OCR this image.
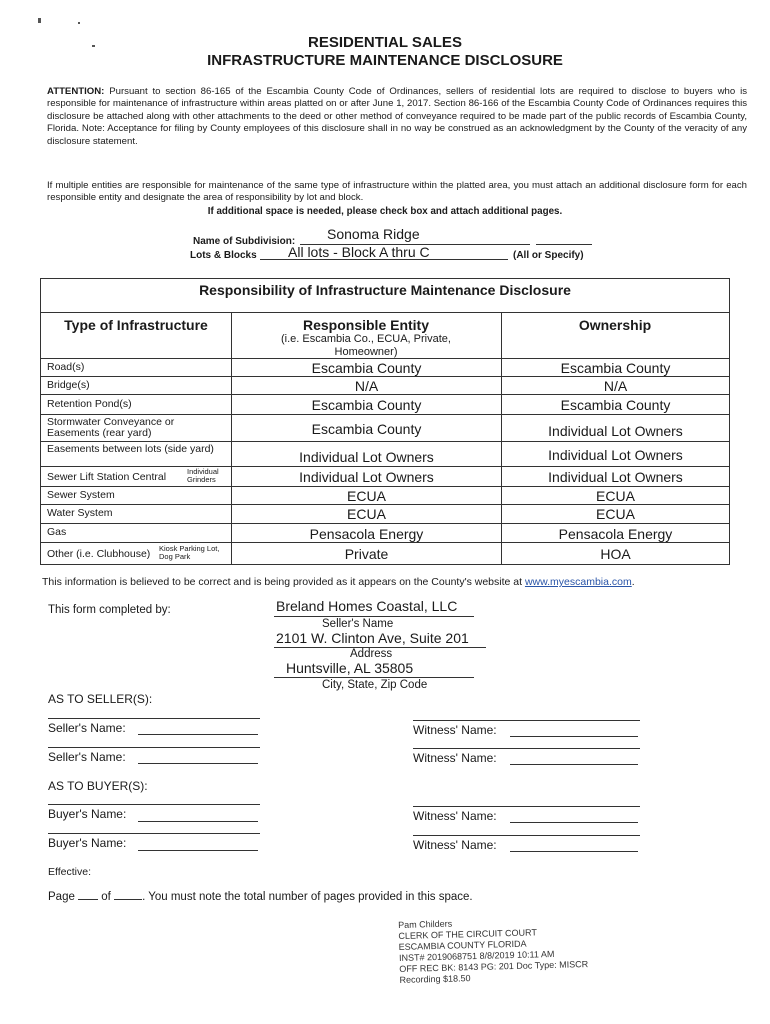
RESIDENTIAL SALES
INFRASTRUCTURE MAINTENANCE DISCLOSURE
ATTENTION: Pursuant to section 86-165 of the Escambia County Code of Ordinances, sellers of residential lots are required to disclose to buyers who is responsible for maintenance of infrastructure within areas platted on or after June 1, 2017. Section 86-166 of the Escambia County Code of Ordinances requires this disclosure be attached along with other attachments to the deed or other method of conveyance required to be made part of the public records of Escambia County, Florida. Note: Acceptance for filing by County employees of this disclosure shall in no way be construed as an acknowledgment by the County of the veracity of any disclosure statement.
If multiple entities are responsible for maintenance of the same type of infrastructure within the platted area, you must attach an additional disclosure form for each responsible entity and designate the area of responsibility by lot and block.
If additional space is needed, please check box and attach additional pages.
Name of Subdivision: Sonoma Ridge
Lots & Blocks All lots - Block A thru C	(All or Specify)
Responsibility of Infrastructure Maintenance Disclosure
Type of Infrastructure	Responsible Entity
(i.e. Escambia Co., ECUA, Private, Homeowner)
Ownership
Road(s)	Escambia County	Escambia County
Bridge(s)	N/A	N/A
Retention Pond(s)	Escambia County	Escambia County
Stormwater Conveyance or Easements (rear yard)	Escambia County	Individual Lot Owners
Easements between lots (side yard)	Individual Lot Owners	Individual Lot Owners
Sewer Lift Station Central	Individual Grinders	Individual Lot Owners	Individual Lot Owners
Sewer System	ECUA	ECUA
Water System	ECUA	ECUA
Gas	Pensacola Energy	Pensacola Energy
Other (i.e. Clubhouse)	Kiosk Parking Lot, Dog Park	Private	HOA
This information is believed to be correct and is being provided as it appears on the County's website at www.myescambia.com.
This form completed by:	Breland Homes Coastal, LLC
Seller's Name
2101 W. Clinton Ave, Suite 201
Address
Huntsville, AL 35805
City, State, Zip Code
AS TO SELLER(S):
Seller's Name:	Witness' Name:
Seller's Name:	Witness' Name:
AS TO BUYER(S):
Buyer's Name:	Witness' Name:
Buyer's Name:	Witness' Name:
Effective:
Page of	. You must note the total number of pages provided in this space.
Pam Childers
CLERK OF THE CIRCUIT COURT
ESCAMBIA COUNTY FLORIDA
INST# 2019068751 8/8/2019 10:11 AM
OFF REC BK: 8143 PG: 201 Doc Type: MISCR
Recording $18.50
